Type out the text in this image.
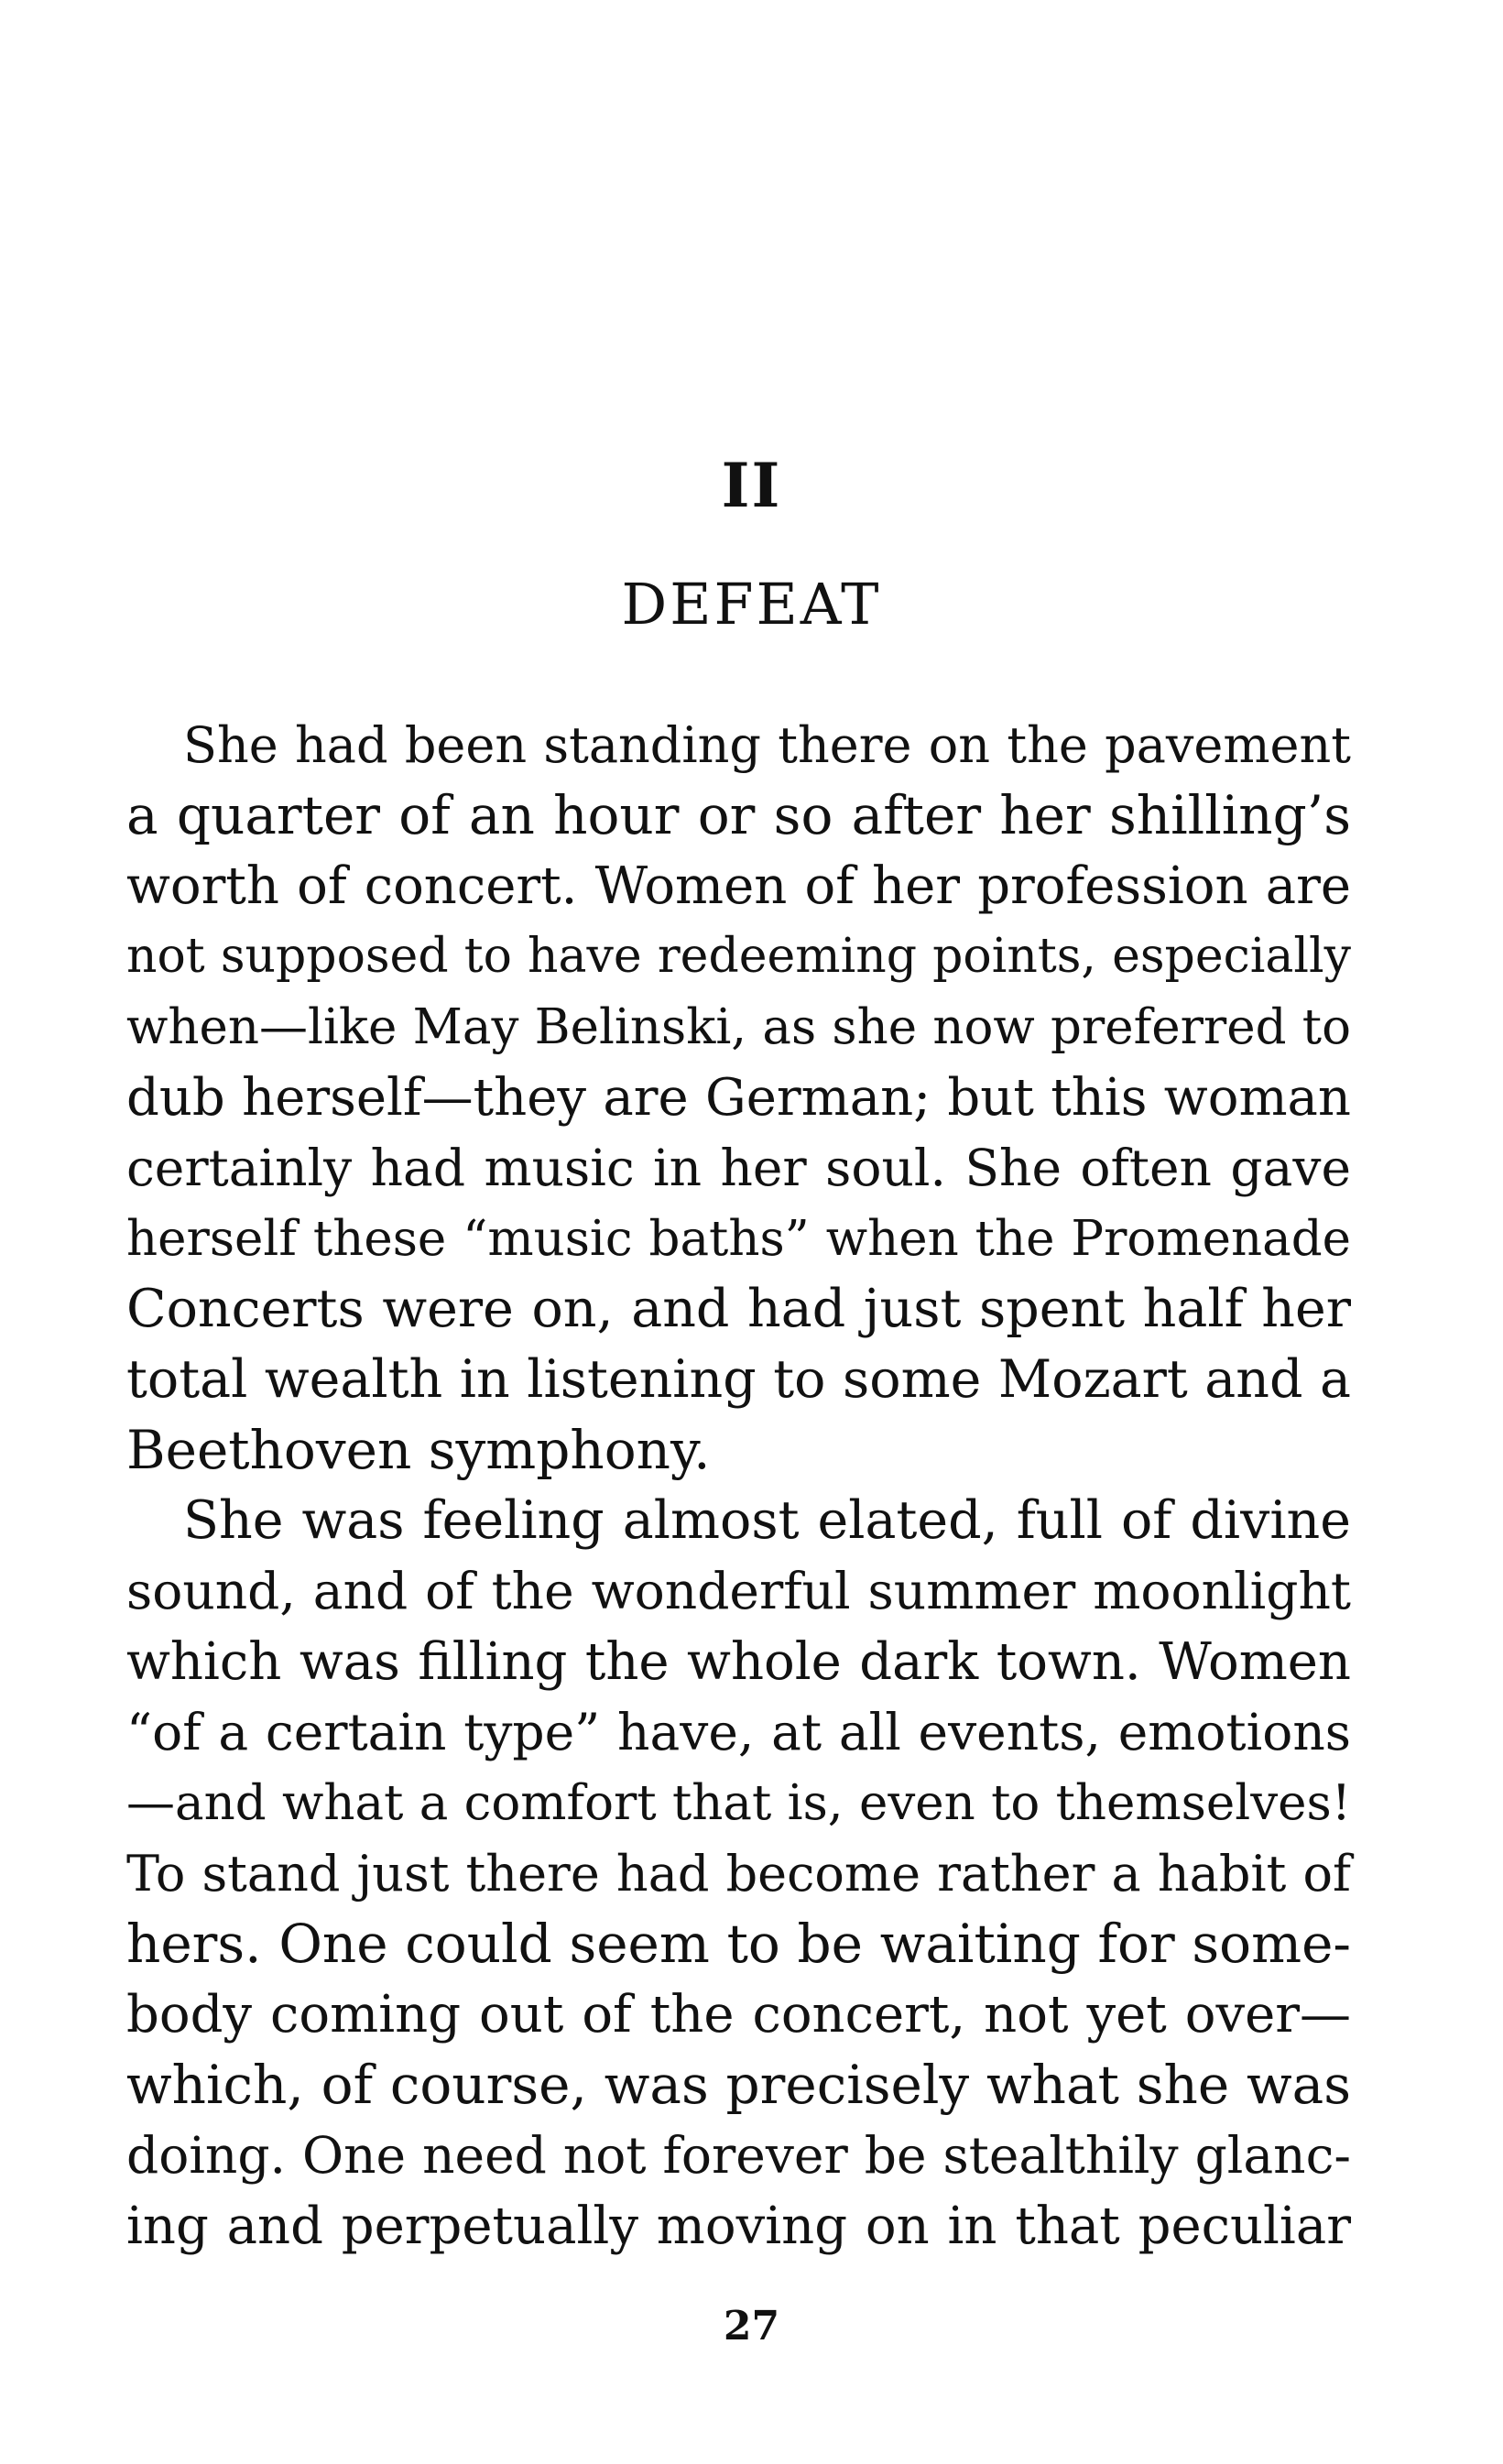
II
DEFEAT
She had been standing there on the pavement
a quarter of an hour or so after her shilling’s
worth of concert. Women of her profession are
not supposed to have redeeming points, especially
when—like May Belinski, as she now preferred to
dub herself—they are German; but this woman
certainly had music in her soul. She often gave
herself these “music baths” when the Promenade
Concerts were on, and had just spent half her
total wealth in listening to some Mozart and a
Beethoven symphony.
She was feeling almost elated, full of divine
sound, and of the wonderful summer moonlight
which was filling the whole dark town. Women
“of a certain type” have, at all events, emotions
—and what a comfort that is, even to themselves!
To stand just there had become rather a habit of
hers. One could seem to be waiting for some-
body coming out of the concert, not yet over—
which, of course, was precisely what she was
doing. One need not forever be stealthily glanc-
ing and perpetually moving on in that peculiar
27
